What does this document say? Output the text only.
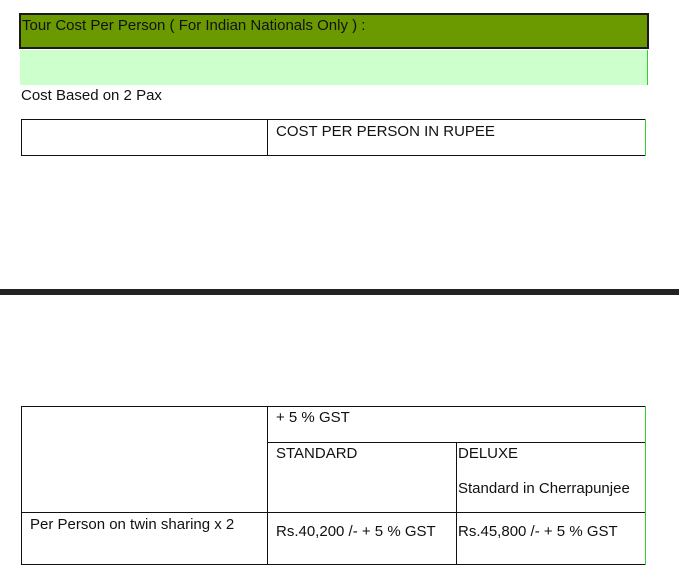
Tour Cost Per Person ( For Indian Nationals Only ) :
Cost Based on 2 Pax
COST PER PERSON IN RUPEE
+ 5 % GST
STANDARD	DELUXE
Standard in Cherrapunjee
Per Person on twin sharing x 2	Rs.40,200 /- + 5 % GST Rs.45,800 /- + 5 % GST
